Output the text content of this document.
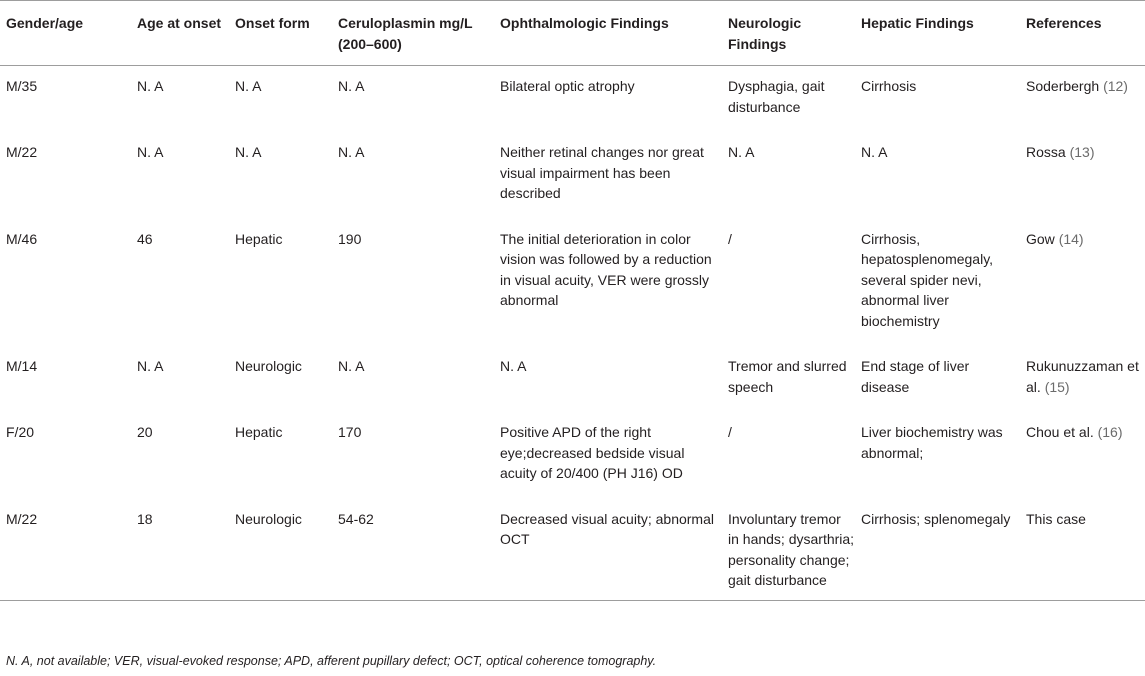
Gender/age	Age at onset	Onset form	Ceruloplasmin mg/L (200–600)	Ophthalmologic Findings	Neurologic Findings	Hepatic Findings	References
M/35	N. A	N. A	N. A	Bilateral optic atrophy	Dysphagia, gait disturbance	Cirrhosis	Soderbergh (12)
M/22	N. A	N. A	N. A	Neither retinal changes nor great visual impairment has been described	N. A	N. A	Rossa (13)
M/46	46	Hepatic	190	The initial deterioration in color vision was followed by a reduction in visual acuity, VER were grossly abnormal	/	Cirrhosis, hepatosplenomegaly, several spider nevi, abnormal liver biochemistry	Gow (14)
M/14	N. A	Neurologic	N. A	N. A	Tremor and slurred speech	End stage of liver disease	Rukunuzzaman et al. (15)
F/20	20	Hepatic	170	Positive APD of the right eye;decreased bedside visual acuity of 20/400 (PH J16) OD	/	Liver biochemistry was abnormal;	Chou et al. (16)
M/22	18	Neurologic	54-62	Decreased visual acuity; abnormal OCT	Involuntary tremor in hands; dysarthria; personality change; gait disturbance	Cirrhosis; splenomegaly	This case
N. A, not available; VER, visual-evoked response; APD, afferent pupillary defect; OCT, optical coherence tomography.
